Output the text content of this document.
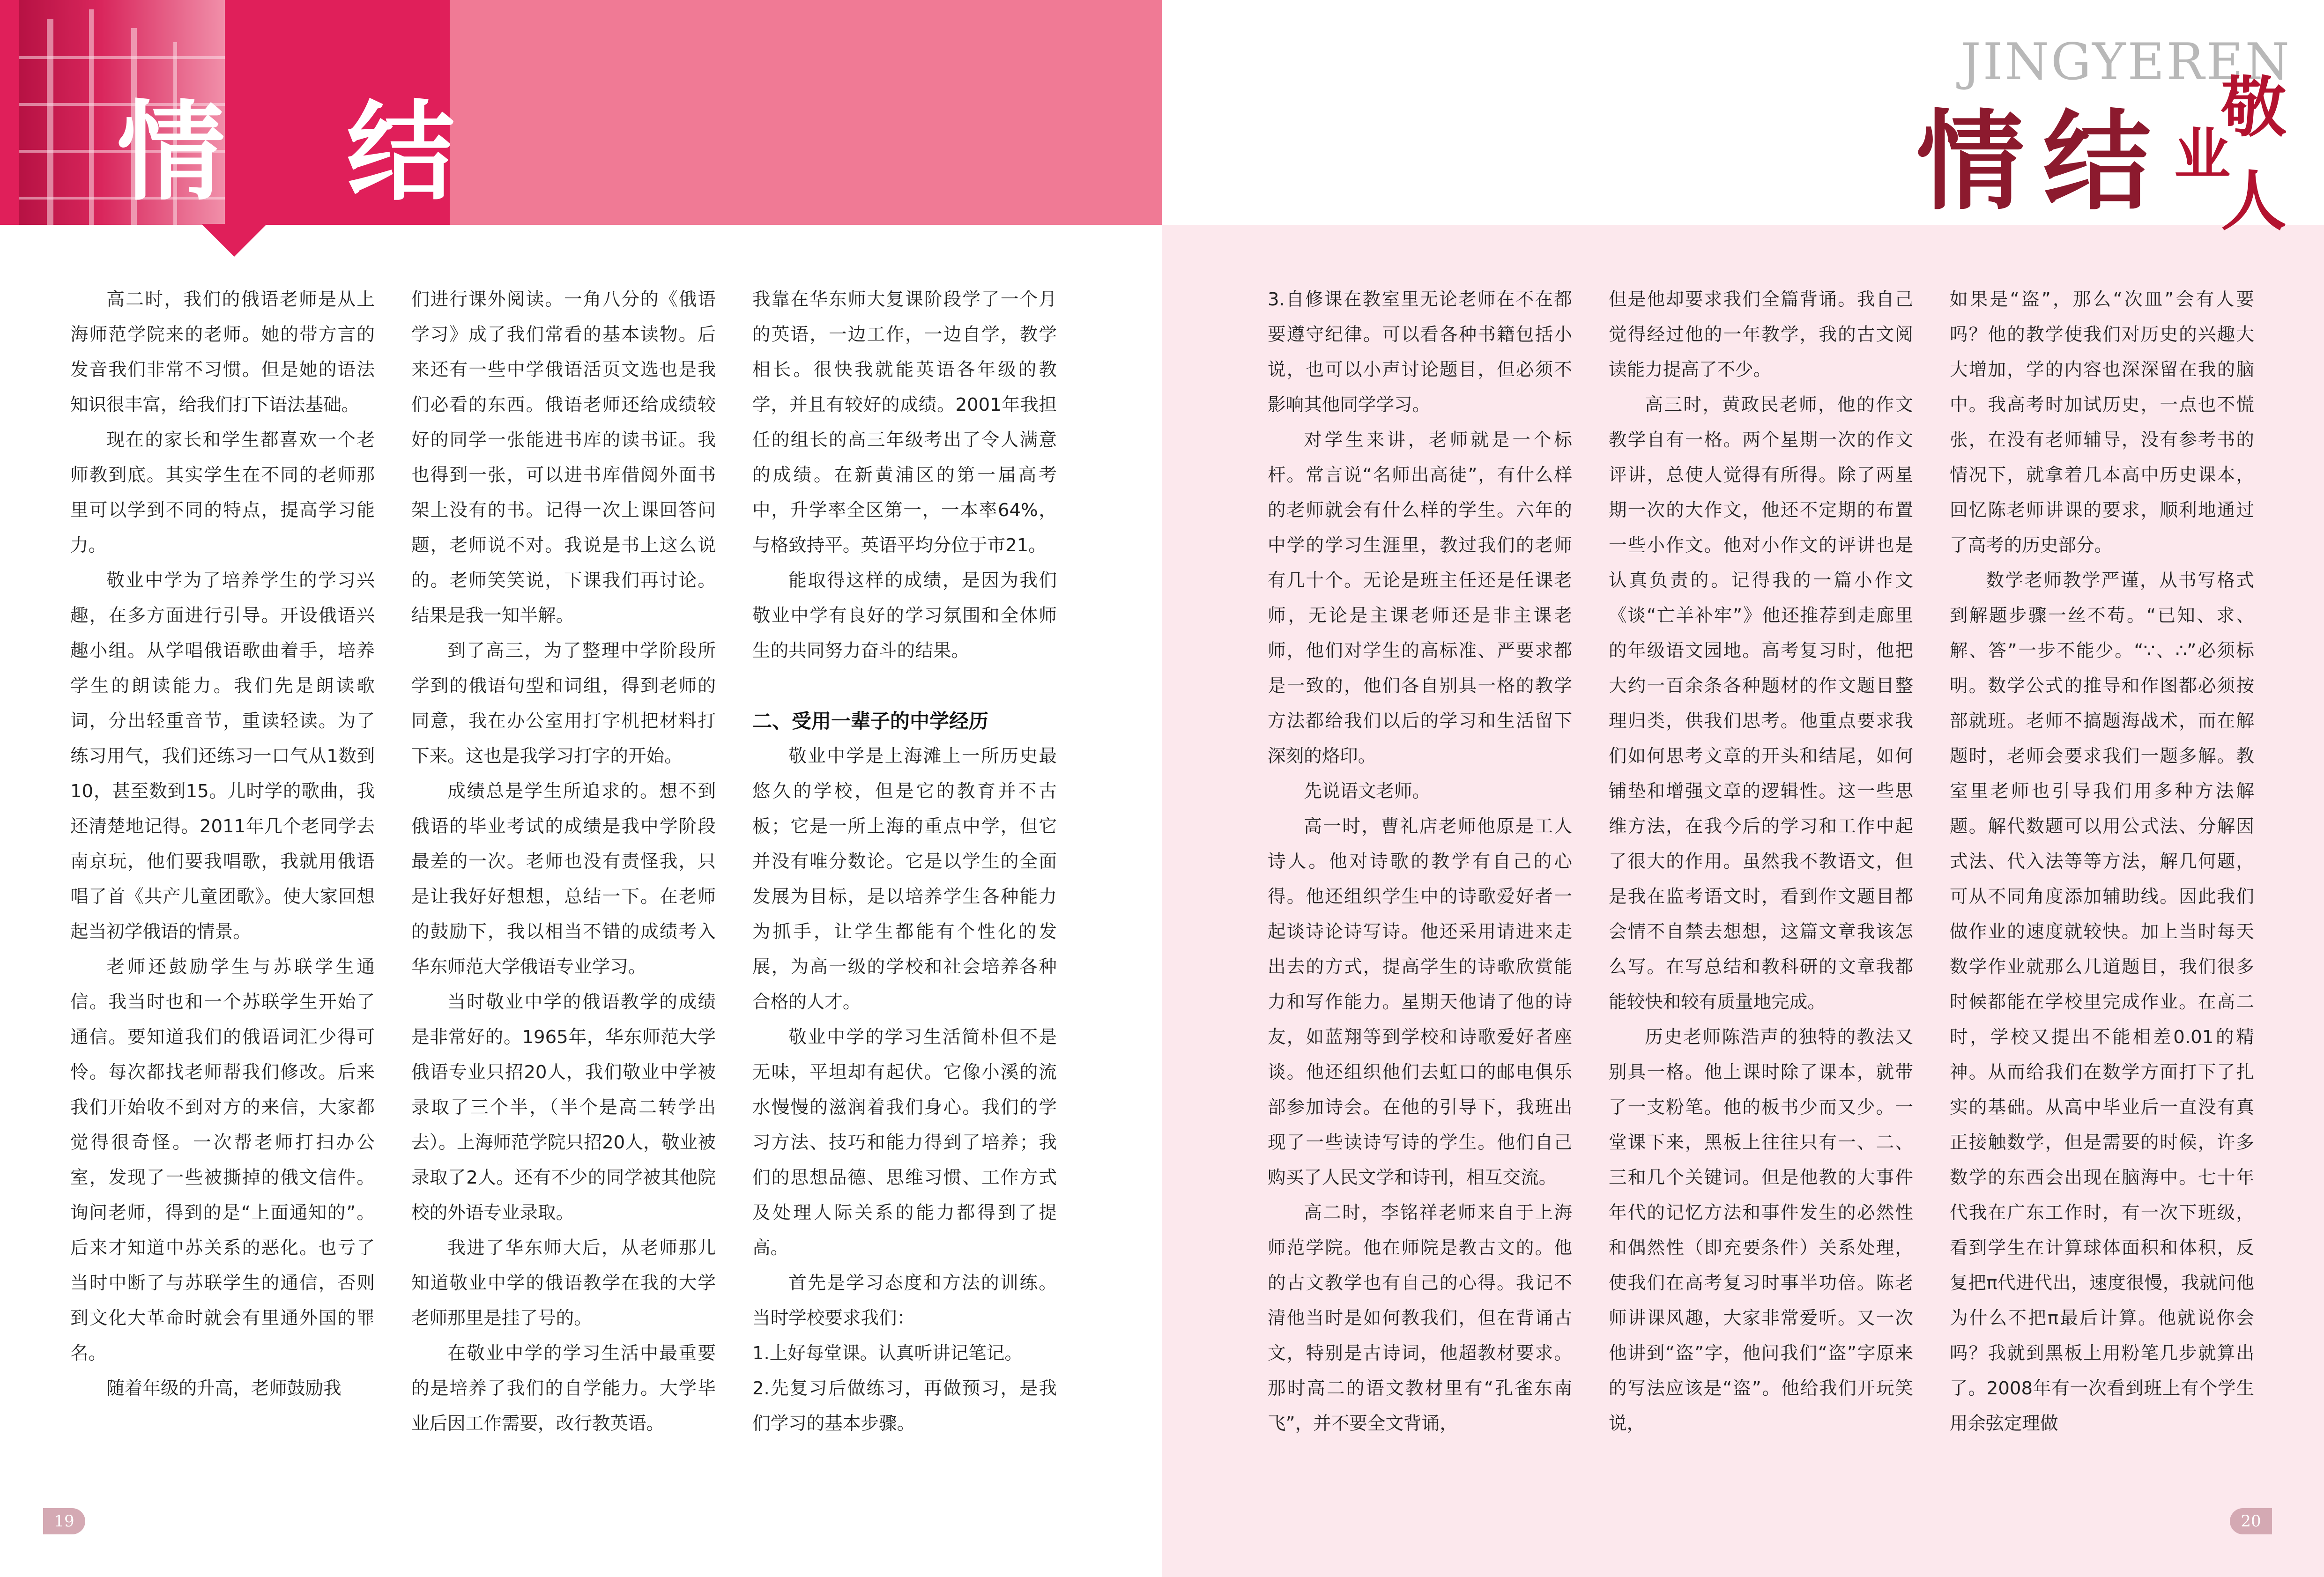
情 结

高二时，我们的俄语老师是从上海师范学院来的老师。她的带方言的发音我们非常不习惯。但是她的语法知识很丰富，给我们打下语法基础。

现在的家长和学生都喜欢一个老师教到底。其实学生在不同的老师那里可以学到不同的特点，提高学习能力。

敬业中学为了培养学生的学习兴趣，在多方面进行引导。开设俄语兴趣小组。从学唱俄语歌曲着手，培养学生的朗读能力。我们先是朗读歌词，分出轻重音节，重读轻读。为了练习用气，我们还练习一口气从1数到10，甚至数到15。儿时学的歌曲，我还清楚地记得。2011年几个老同学去南京玩，他们要我唱歌，我就用俄语唱了首《共产儿童团歌》。使大家回想起当初学俄语的情景。

老师还鼓励学生与苏联学生通信。我当时也和一个苏联学生开始了通信。要知道我们的俄语词汇少得可怜。每次都找老师帮我们修改。后来我们开始收不到对方的来信，大家都觉得很奇怪。一次帮老师打扫办公室，发现了一些被撕掉的俄文信件。询问老师，得到的是“上面通知的”。后来才知道中苏关系的恶化。也亏了当时中断了与苏联学生的通信，否则到文化大革命时就会有里通外国的罪名。

随着年级的升高，老师鼓励我

们进行课外阅读。一角八分的《俄语学习》成了我们常看的基本读物。后来还有一些中学俄语活页文选也是我们必看的东西。俄语老师还给成绩较好的同学一张能进书库的读书证。我也得到一张，可以进书库借阅外面书架上没有的书。记得一次上课回答问题，老师说不对。我说是书上这么说的。老师笑笑说，下课我们再讨论。结果是我一知半解。

到了高三，为了整理中学阶段所学到的俄语句型和词组，得到老师的同意，我在办公室用打字机把材料打下来。这也是我学习打字的开始。

成绩总是学生所追求的。想不到俄语的毕业考试的成绩是我中学阶段最差的一次。老师也没有责怪我，只是让我好好想想，总结一下。在老师的鼓励下，我以相当不错的成绩考入华东师范大学俄语专业学习。

当时敬业中学的俄语教学的成绩是非常好的。1965年，华东师范大学俄语专业只招20人，我们敬业中学被录取了三个半，（半个是高二转学出去）。上海师范学院只招20人，敬业被录取了2人。还有不少的同学被其他院校的外语专业录取。

我进了华东师大后，从老师那儿知道敬业中学的俄语教学在我的大学老师那里是挂了号的。

在敬业中学的学习生活中最重要的是培养了我们的自学能力。大学毕业后因工作需要，改行教英语。

我靠在华东师大复课阶段学了一个月的英语，一边工作，一边自学，教学相长。很快我就能英语各年级的教学，并且有较好的成绩。2001年我担任的组长的高三年级考出了令人满意的成绩。在新黄浦区的第一届高考中，升学率全区第一，一本率64%，与格致持平。英语平均分位于市21。

能取得这样的成绩，是因为我们敬业中学有良好的学习氛围和全体师生的共同努力奋斗的结果。

二、受用一辈子的中学经历

敬业中学是上海滩上一所历史最悠久的学校，但是它的教育并不古板；它是一所上海的重点中学，但它并没有唯分数论。它是以学生的全面发展为目标，是以培养学生各种能力为抓手，让学生都能有个性化的发展，为高一级的学校和社会培养各种合格的人才。

敬业中学的学习生活简朴但不是无味，平坦却有起伏。它像小溪的流水慢慢的滋润着我们身心。我们的学习方法、技巧和能力得到了培养；我们的思想品德、思维习惯、工作方式及处理人际关系的能力都得到了提高。

首先是学习态度和方法的训练。当时学校要求我们：

1.上好每堂课。认真听讲记笔记。

2.先复习后做练习，再做预习，是我们学习的基本步骤。

19
JINGYEREN
情结 敬
业
人

3.自修课在教室里无论老师在不在都要遵守纪律。可以看各种书籍包括小说，也可以小声讨论题目，但必须不影响其他同学学习。

对学生来讲，老师就是一个标杆。常言说“名师出高徒”，有什么样的老师就会有什么样的学生。六年的中学的学习生涯里，教过我们的老师有几十个。无论是班主任还是任课老师，无论是主课老师还是非主课老师，他们对学生的高标准、严要求都是一致的，他们各自别具一格的教学方法都给我们以后的学习和生活留下深刻的烙印。

先说语文老师。

高一时，曹礼店老师他原是工人诗人。他对诗歌的教学有自己的心得。他还组织学生中的诗歌爱好者一起谈诗论诗写诗。他还采用请进来走出去的方式，提高学生的诗歌欣赏能力和写作能力。星期天他请了他的诗友，如蓝翔等到学校和诗歌爱好者座谈。他还组织他们去虹口的邮电俱乐部参加诗会。在他的引导下，我班出现了一些读诗写诗的学生。他们自己购买了人民文学和诗刊，相互交流。

高二时，李铭祥老师来自于上海师范学院。他在师院是教古文的。他的古文教学也有自己的心得。我记不清他当时是如何教我们，但在背诵古文，特别是古诗词，他超教材要求。那时高二的语文教材里有“孔雀东南飞”，并不要全文背诵，

但是他却要求我们全篇背诵。我自己觉得经过他的一年教学，我的古文阅读能力提高了不少。

高三时，黄政民老师，他的作文教学自有一格。两个星期一次的作文评讲，总使人觉得有所得。除了两星期一次的大作文，他还不定期的布置一些小作文。他对小作文的评讲也是认真负责的。记得我的一篇小作文《谈“亡羊补牢”》他还推荐到走廊里的年级语文园地。高考复习时，他把大约一百余条各种题材的作文题目整理归类，供我们思考。他重点要求我们如何思考文章的开头和结尾，如何铺垫和增强文章的逻辑性。这一些思维方法，在我今后的学习和工作中起了很大的作用。虽然我不教语文，但是我在监考语文时，看到作文题目都会情不自禁去想想，这篇文章我该怎么写。在写总结和教科研的文章我都能较快和较有质量地完成。

历史老师陈浩声的独特的教法又别具一格。他上课时除了课本，就带了一支粉笔。他的板书少而又少。一堂课下来，黑板上往往只有一、二、三和几个关键词。但是他教的大事件年代的记忆方法和事件发生的必然性和偶然性（即充要条件）关系处理，使我们在高考复习时事半功倍。陈老师讲课风趣，大家非常爱听。又一次他讲到“盗”字，他问我们“盗”字原来的写法应该是“盗”。他给我们开玩笑说，

如果是“盗”，那么“次皿”会有人要吗？他的教学使我们对历史的兴趣大大增加，学的内容也深深留在我的脑中。我高考时加试历史，一点也不慌张，在没有老师辅导，没有参考书的情况下，就拿着几本高中历史课本，回忆陈老师讲课的要求，顺利地通过了高考的历史部分。

数学老师教学严谨，从书写格式到解题步骤一丝不苟。“已知、求、解、答”一步不能少。“∵、∴”必须标明。数学公式的推导和作图都必须按部就班。老师不搞题海战术，而在解题时，老师会要求我们一题多解。教室里老师也引导我们用多种方法解题。解代数题可以用公式法、分解因式法、代入法等等方法，解几何题，可从不同角度添加辅助线。因此我们做作业的速度就较快。加上当时每天数学作业就那么几道题目，我们很多时候都能在学校里完成作业。在高二时，学校又提出不能相差0.01的精神。从而给我们在数学方面打下了扎实的基础。从高中毕业后一直没有真正接触数学，但是需要的时候，许多数学的东西会出现在脑海中。七十年代我在广东工作时，有一次下班级，看到学生在计算球体面积和体积，反复把π代进代出，速度很慢，我就问他为什么不把π最后计算。他就说你会吗？我就到黑板上用粉笔几步就算出了。2008年有一次看到班上有个学生用余弦定理做

20
